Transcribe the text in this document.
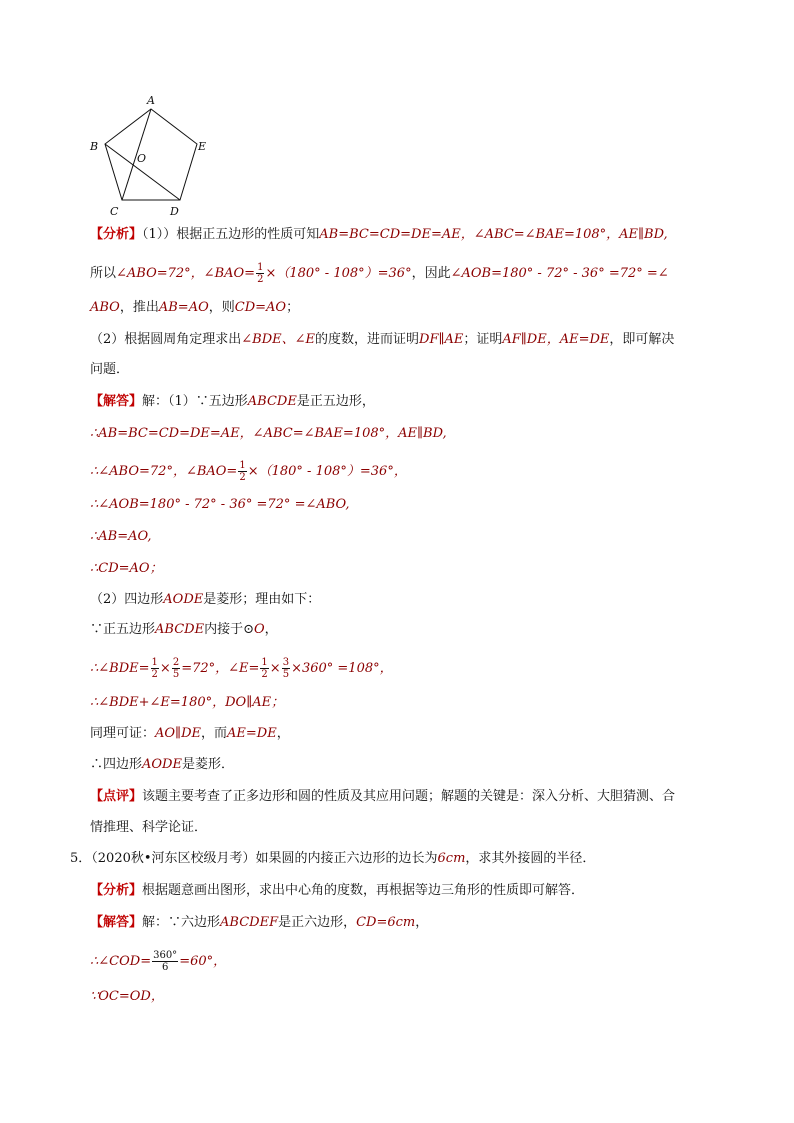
A
B
C	D
E
O
【分析】（1））根据正五边形的性质可知AB=BC=CD=DE=AE，∠ABC=∠BAE=108°，AE∥BD,
所以∠ABO=72°，∠BAO= $\frac{1}{2} \times(180^\circ - 108^\circ)=36^\circ$，因此∠AOB=180° - 72° - 36° =72° =∠
ABO，推出AB=AO，则CD=AO；
（2）根据圆周角定理求出∠BDE、∠E的度数，进而证明DF∥AE；证明AF∥DE，AE=DE，即可解决
问题．
【解答】解：（1）∵五边形ABCDE是正五边形，
∴AB=BC=CD=DE=AE，∠ABC=∠BAE=108°，AE∥BD,
∴∠ABO=72°，∠BAO= $\frac{1}{2} \times(180^\circ - 108^\circ)=36^\circ$，
∴∠AOB=180° - 72° - 36° =72° =∠ABO,
∴AB=AO,
∴CD=AO；
（2）四边形AODE是菱形；理由如下：
∵正五边形ABCDE内接于⊙O，
∴∠BDE= $\frac{1}{2} \times \frac{2}{5} =72^\circ$，∠E= $\frac{1}{2} \times \frac{3}{5} \times 360^\circ =108^\circ$，
∴∠BDE+∠E=180°，DO∥AE；
同理可证：AO∥DE，而AE=DE，
∴四边形AODE是菱形．
【点评】该题主要考查了正多边形和圆的性质及其应用问题；解题的关键是：深入分析、大胆猜测、合
情推理、科学论证．
5．（2020秋•河东区校级月考）如果圆的内接正六边形的边长为6cm，求其外接圆的半径．
【分析】根据题意画出图形，求出中心角的度数，再根据等边三角形的性质即可解答．
【解答】解：∵六边形ABCDEF是正六边形，CD=6cm，
∴∠COD= $\frac{360^\circ}{6} =60^\circ$，
∵OC=OD，
